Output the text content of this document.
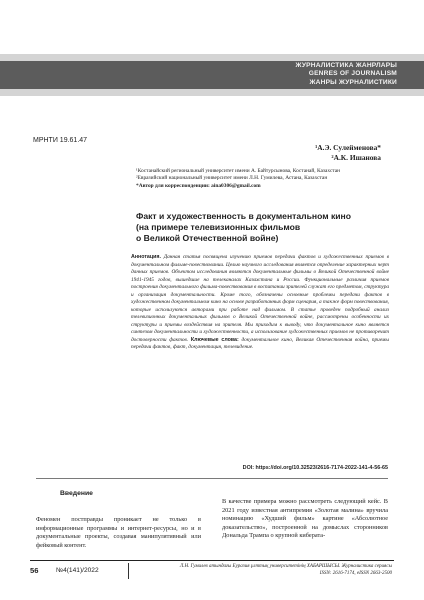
ЖУРНАЛИСТИКА ЖАНРЛАРЫ
GENRES OF JOURNALISM
ЖАНРЫ ЖУРНАЛИСТИКИ
МРНТИ 19.61.47
¹А.Э. Сулейменова*
²А.К. Ишанова
¹Костанайский региональный университет имени А. Байтурсынова, Костанай, Казахстан
²Евразийский национальный университет имени Л.Н. Гумилева, Астана, Казахстан
*Автор для корреспонденции: aina0306@gmail.com
Факт и художественность в документальном кино
(на примере телевизионных фильмов
о Великой Отечественной войне)
Аннотация. Данная статья посвящена изучению приемов передачи фактов и художественных приемов в документальном фильме-повествовании. Целью научного исследования является определение характерных черт данных приемов. Объектом исследования являются документальные фильмы о Великой Отечественной войне 1941-1945 годов, вышедшие на телеканалах Казахстана и России. Функциональные различия приемов построения документального фильма-повествования в воспитании зрителей служат его предметом, структура и организация документальности. Кроме того, обозначены основные проблемы передачи фактов в художественном документальном кино на основе разработанных форм сценария, а также форм повествования, которые используются авторами при работе над фильмом. В статье проведен подробный анализ телевизионных документальных фильмов о Великой Отечественной войне, рассмотрены особенности их структуры и приемы воздействия на зрителя. Мы приходим к выводу, что документальное кино является синтезом документальности и художественности, а использование художественных приемов не противоречит достоверности фактов. Ключевые слова: документальное кино, Великая Отечественная война, приемы передачи фактов, факт, документация, телевидение.
DOI: https://doi.org/10.32523/2616-7174-2022-141-4-56-65
Введение
Феномен постправды проникает не только в информационные программы и интернет-ресурсы, но и в документальные проекты, создавая манипулятивный или фейковый контент.
В качестве примера можно рассмотреть следующий кейс. В 2021 году известная антипремия «Золотая малина» вручила номинацию «Худший фильм» картине «Абсолютное доказательство», построенной на домыслах сторонников Дональда Трампа о крупной киберата-
56	№4(141)/2022
Л.Н. Гумилев атындағы Еуразия ұлттық университетінің ХАБАРШЫСЫ. Журналистика сериясы
ISSN: 2616-7174, eISSN 2663-2500
